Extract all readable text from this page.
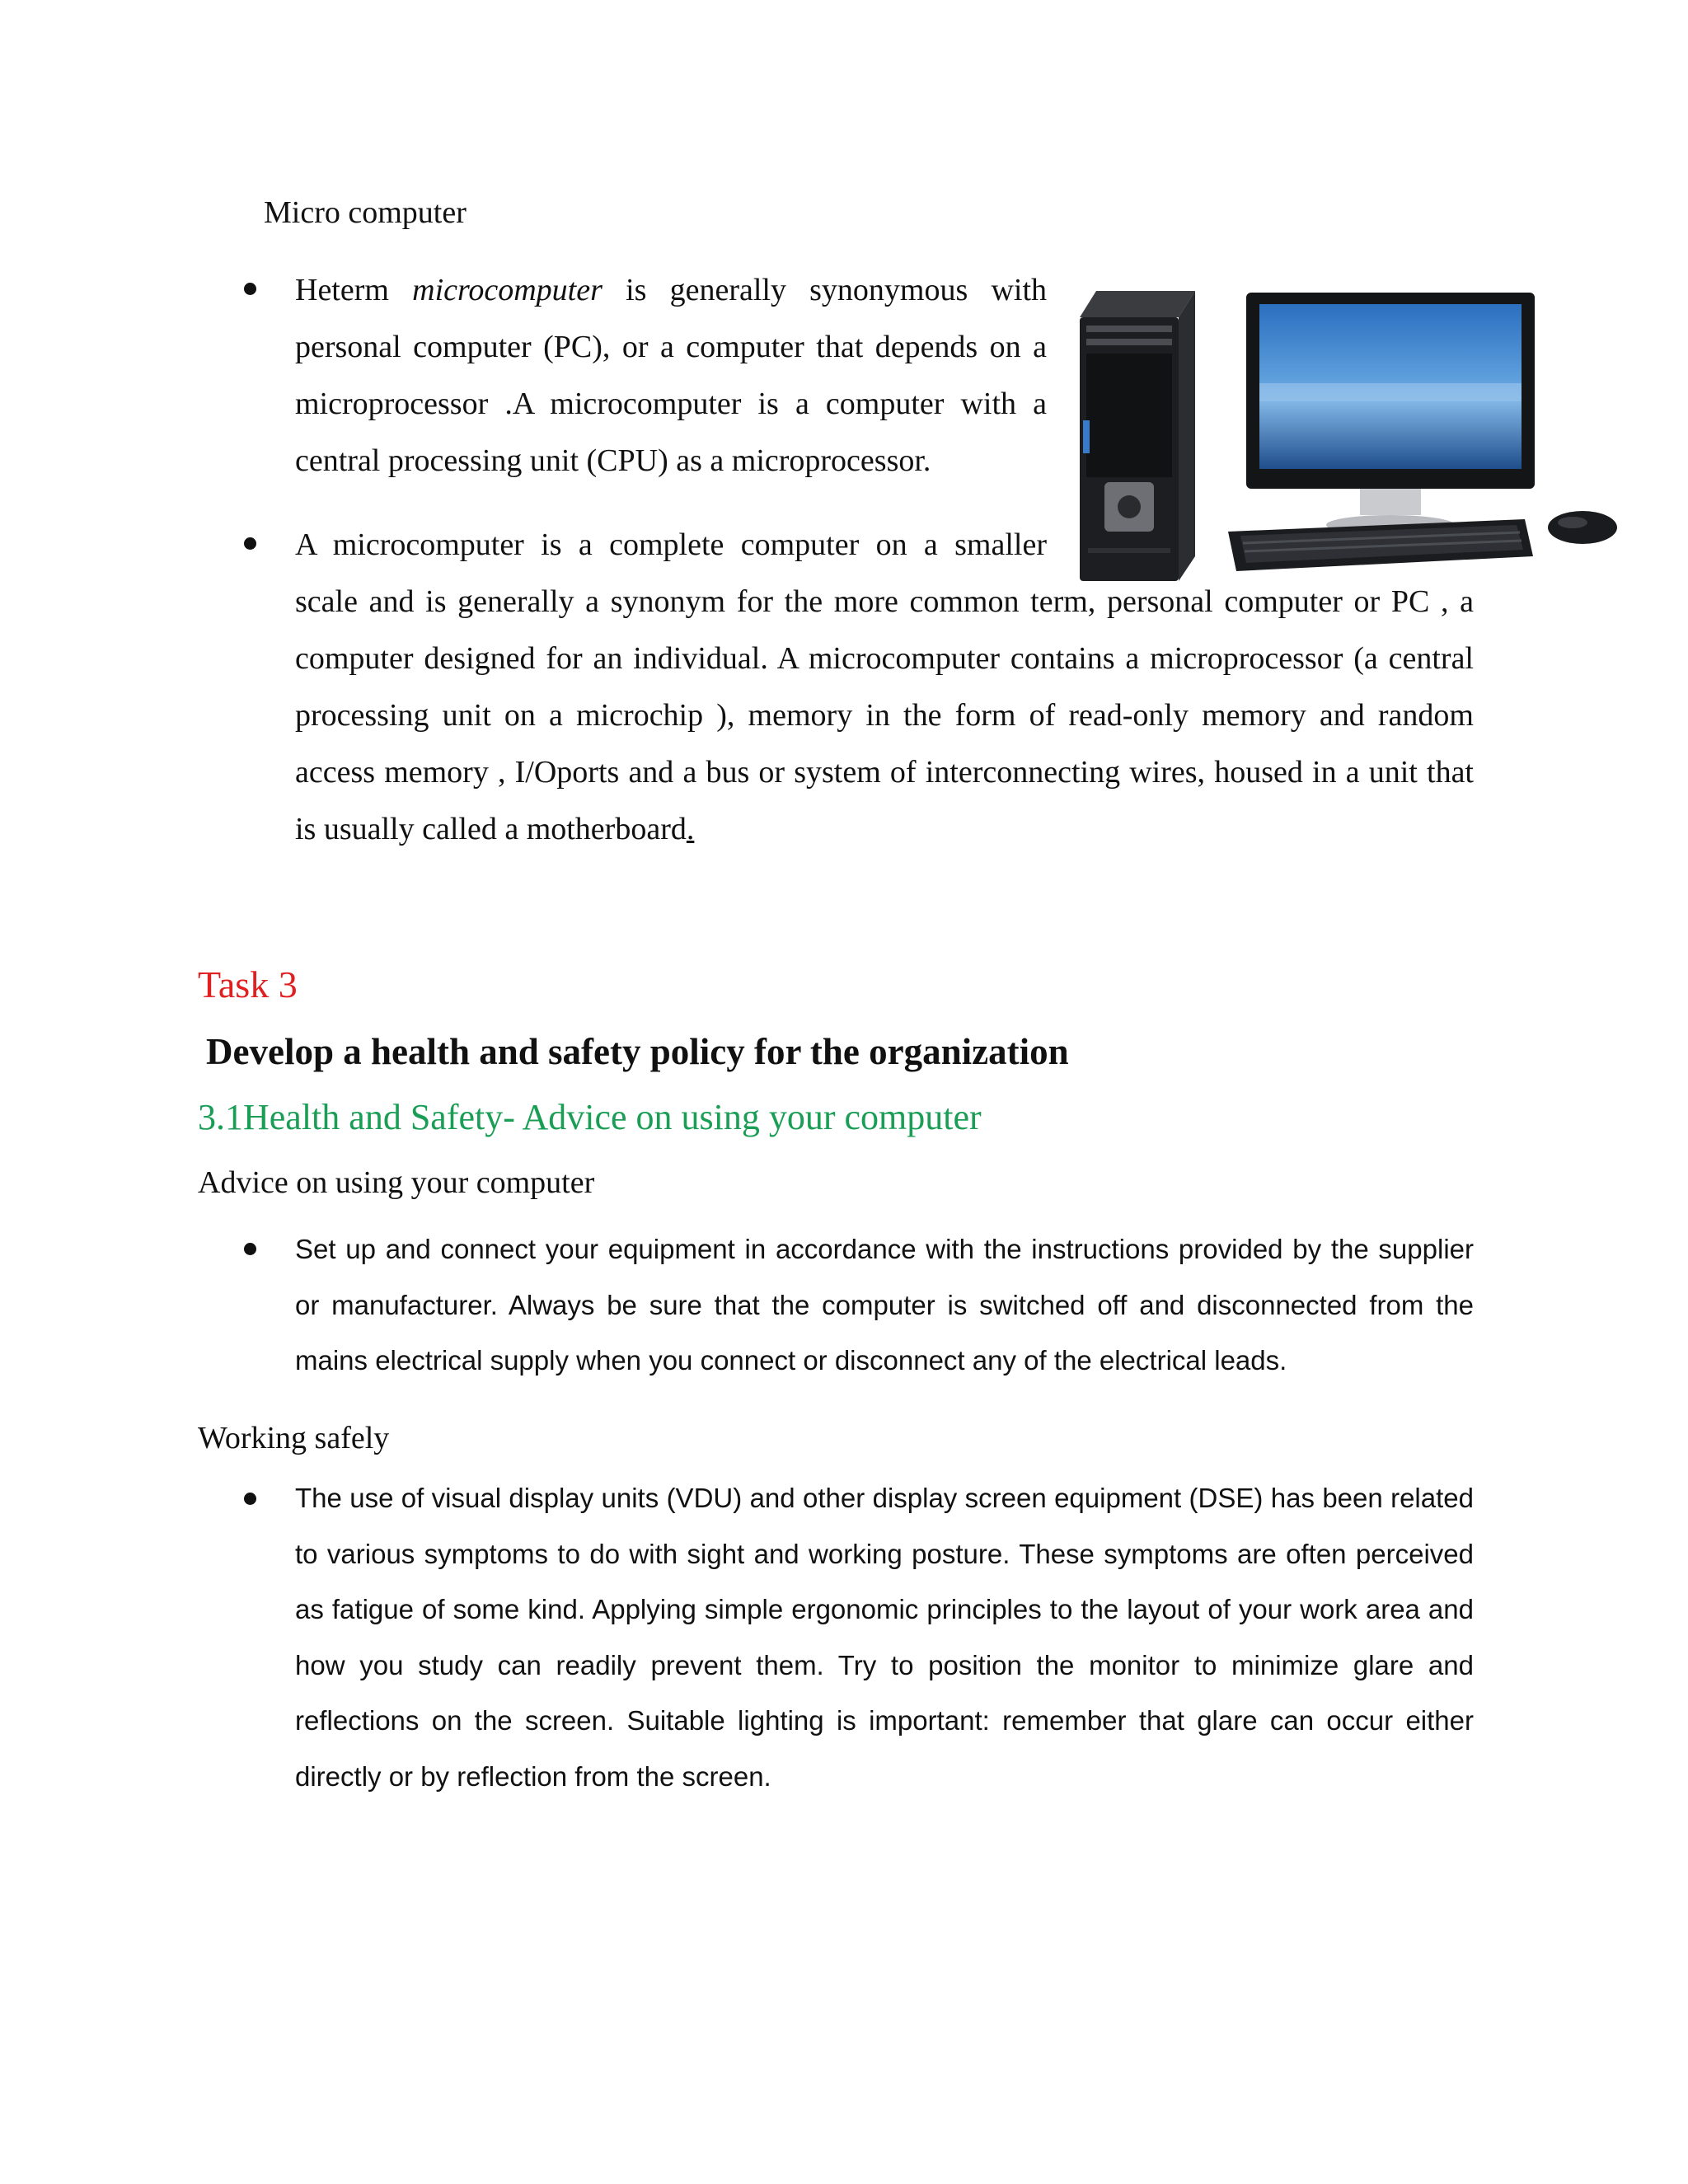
Micro computer

Heterm microcomputer is generally synonymous with personal computer (PC), or a computer that depends on a microprocessor .A microcomputer is a computer with a central processing unit (CPU) as a microprocessor.

A microcomputer is a complete computer on a smaller

scale and is generally a synonym for the more common term, personal computer or PC , a computer designed for an individual. A microcomputer contains a microprocessor (a central processing unit on a microchip ), memory in the form of read-only memory and random access memory , I/Oports and a bus or system of interconnecting wires, housed in a unit that is usually called a motherboard.

Task 3

Develop a health and safety policy for the organization

3.1Health and Safety- Advice on using your computer

Advice on using your computer

Set up and connect your equipment in accordance with the instructions provided by the supplier or manufacturer. Always be sure that the computer is switched off and disconnected from the mains electrical supply when you connect or disconnect any of the electrical leads.

Working safely

The use of visual display units (VDU) and other display screen equipment (DSE) has been related to various symptoms to do with sight and working posture. These symptoms are often perceived as fatigue of some kind. Applying simple ergonomic principles to the layout of your work area and how you study can readily prevent them. Try to position the monitor to minimize glare and reflections on the screen. Suitable lighting is important: remember that glare can occur either directly or by reflection from the screen.
